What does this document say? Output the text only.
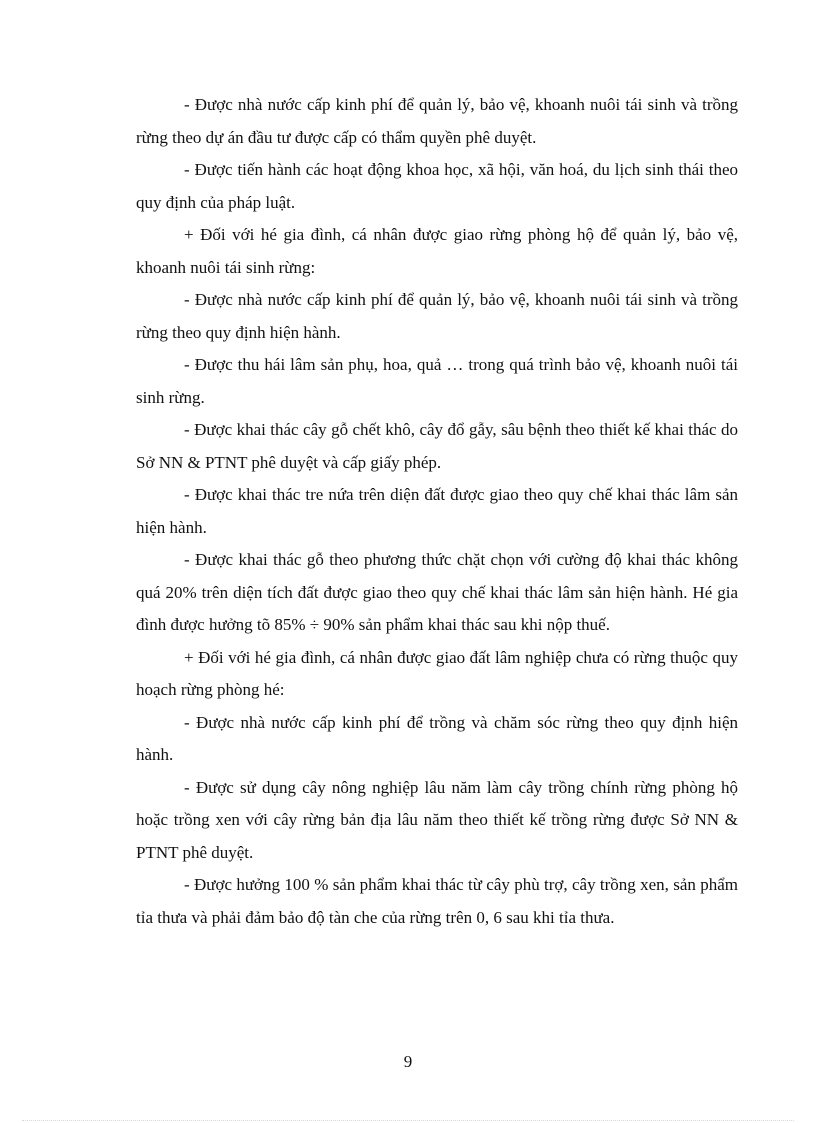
- Được nhà nước cấp kinh phí để quản lý, bảo vệ, khoanh nuôi tái sinh và trồng rừng theo dự án đầu tư được cấp có thẩm quyền phê duyệt.

- Được tiến hành các hoạt động khoa học, xã hội, văn hoá, du lịch sinh thái theo quy định của pháp luật.

+ Đối với hé gia đình, cá nhân được giao rừng phòng hộ để quản lý, bảo vệ, khoanh nuôi tái sinh rừng:

- Được nhà nước cấp kinh phí để quản lý, bảo vệ, khoanh nuôi tái sinh và trồng rừng theo quy định hiện hành.

- Được thu hái lâm sản phụ, hoa, quả … trong quá trình bảo vệ, khoanh nuôi tái sinh rừng.

- Được khai thác cây gỗ chết khô, cây đổ gẫy, sâu bệnh theo thiết kế khai thác do Sở NN & PTNT phê duyệt và cấp giấy phép.

- Được khai thác tre nứa trên diện đất được giao theo quy chế khai thác lâm sản hiện hành.

- Được khai thác gỗ theo phương thức chặt chọn với cường độ khai thác không quá 20% trên diện tích đất được giao theo quy chế khai thác lâm sản hiện hành. Hé gia đình được hưởng tõ 85% ÷ 90% sản phẩm khai thác sau khi nộp thuế.

+ Đối với hé gia đình, cá nhân được giao đất lâm nghiệp chưa có rừng thuộc quy hoạch rừng phòng hé:

- Được nhà nước cấp kinh phí để trồng và chăm sóc rừng theo quy định hiện hành.

- Được sử dụng cây nông nghiệp lâu năm làm cây trồng chính rừng phòng hộ hoặc trồng xen với cây rừng bản địa lâu năm theo thiết kế trồng rừng được Sở NN & PTNT phê duyệt.

- Được hưởng 100 % sản phẩm khai thác từ cây phù trợ, cây trồng xen, sản phẩm tỉa thưa và phải đảm bảo độ tàn che của rừng trên 0, 6 sau khi tỉa thưa.

9
